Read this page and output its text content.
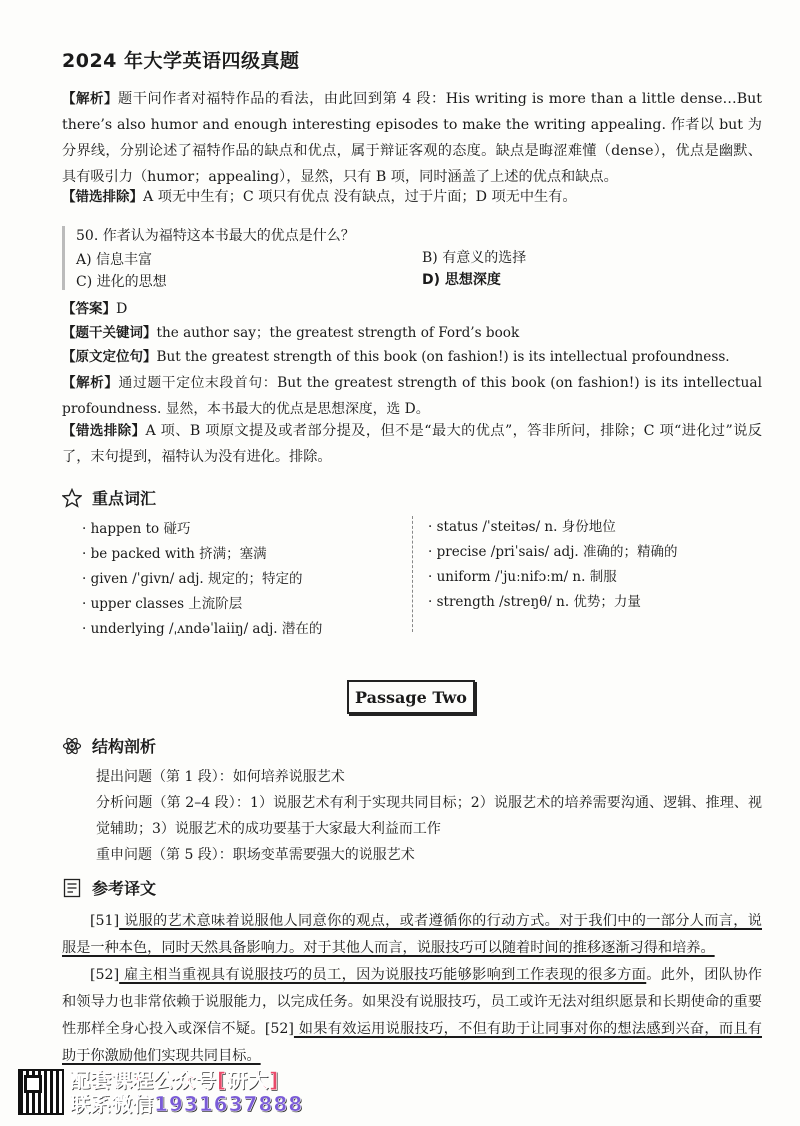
2024 年大学英语四级真题
【解析】题干问作者对福特作品的看法，由此回到第 4 段：His writing is more than a little dense…But there’s also humor and enough interesting episodes to make the writing appealing. 作者以 but 为分界线，分别论述了福特作品的缺点和优点，属于辩证客观的态度。缺点是晦涩难懂（dense），优点是幽默、具有吸引力（humor；appealing），显然，只有 B 项，同时涵盖了上述的优点和缺点。
【错选排除】A 项无中生有；C 项只有优点 没有缺点，过于片面；D 项无中生有。
50. 作者认为福特这本书最大的优点是什么？
A) 信息丰富	B) 有意义的选择
C) 进化的思想	D) 思想深度
【答案】D
【题干关键词】the author say；the greatest strength of Ford’s book
【原文定位句】But the greatest strength of this book (on fashion!) is its intellectual profoundness.
【解析】通过题干定位末段首句：But the greatest strength of this book (on fashion!) is its intellectual profoundness. 显然，本书最大的优点是思想深度，选 D。
【错选排除】A 项、B 项原文提及或者部分提及，但不是“最大的优点”，答非所问，排除；C 项“进化过”说反了，末句提到，福特认为没有进化。排除。
重点词汇
· happen to 碰巧
· be packed with 挤满；塞满
· given /ˈɡivn/ adj. 规定的；特定的
· upper classes 上流阶层
· underlying /ˌʌndəˈlaiiŋ/ adj. 潜在的
· status /ˈsteitəs/ n. 身份地位
· precise /priˈsais/ adj. 准确的；精确的
· uniform /ˈjuːnifɔːm/ n. 制服
· strength /streŋθ/ n. 优势；力量
Passage Two
结构剖析
提出问题（第 1 段）：如何培养说服艺术
分析问题（第 2–4 段）：1）说服艺术有利于实现共同目标；2）说服艺术的培养需要沟通、逻辑、推理、视觉辅助；3）说服艺术的成功要基于大家最大利益而工作
重申问题（第 5 段）：职场变革需要强大的说服艺术
参考译文
[51] 说服的艺术意味着说服他人同意你的观点，或者遵循你的行动方式。对于我们中的一部分人而言，说服是一种本色，同时天然具备影响力。对于其他人而言，说服技巧可以随着时间的推移逐渐习得和培养。
[52] 雇主相当重视具有说服技巧的员工，因为说服技巧能够影响到工作表现的很多方面。此外，团队协作和领导力也非常依赖于说服能力，以完成任务。如果没有说服技巧，员工或许无法对组织愿景和长期使命的重要性那样全身心投入或深信不疑。[52] 如果有效运用说服技巧，不但有助于让同事对你的想法感到兴奋，而且有助于你激励他们实现共同目标。
配套课程公众号[研大]
联系微信1931637888
